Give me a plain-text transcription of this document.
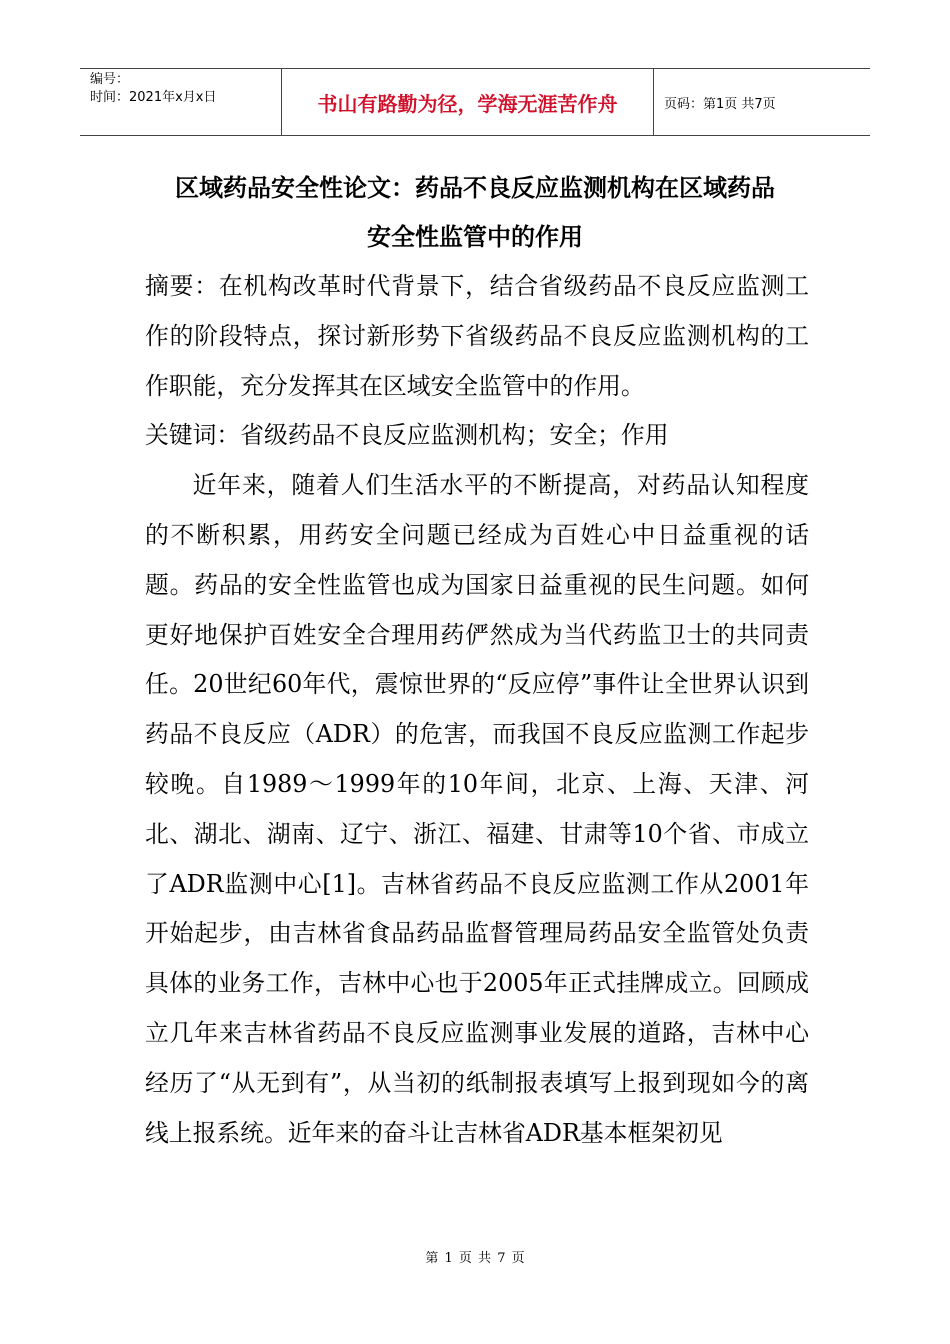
编号：
时间：2021年x月x日	书山有路勤为径，学海无涯苦作舟	页码：第1页 共7页
区域药品安全性论文：药品不良反应监测机构在区域药品
安全性监管中的作用

摘要：在机构改革时代背景下，结合省级药品不良反应监测工作的阶段特点，探讨新形势下省级药品不良反应监测机构的工作职能，充分发挥其在区域安全监管中的作用。

关键词：省级药品不良反应监测机构；安全；作用

近年来，随着人们生活水平的不断提高，对药品认知程度的不断积累，用药安全问题已经成为百姓心中日益重视的话题。药品的安全性监管也成为国家日益重视的民生问题。如何更好地保护百姓安全合理用药俨然成为当代药监卫士的共同责任。20世纪60年代，震惊世界的“反应停”事件让全世界认识到药品不良反应（ADR）的危害，而我国不良反应监测工作起步较晚。自1989～1999年的10年间，北京、上海、天津、河北、湖北、湖南、辽宁、浙江、福建、甘肃等10个省、市成立了ADR监测中心[1]。吉林省药品不良反应监测工作从2001年开始起步，由吉林省食品药品监督管理局药品安全监管处负责具体的业务工作，吉林中心也于2005年正式挂牌成立。回顾成立几年来吉林省药品不良反应监测事业发展的道路，吉林中心经历了“从无到有”，从当初的纸制报表填写上报到现如今的离线上报系统。近年来的奋斗让吉林省ADR基本框架初见

第 1 页 共 7 页
